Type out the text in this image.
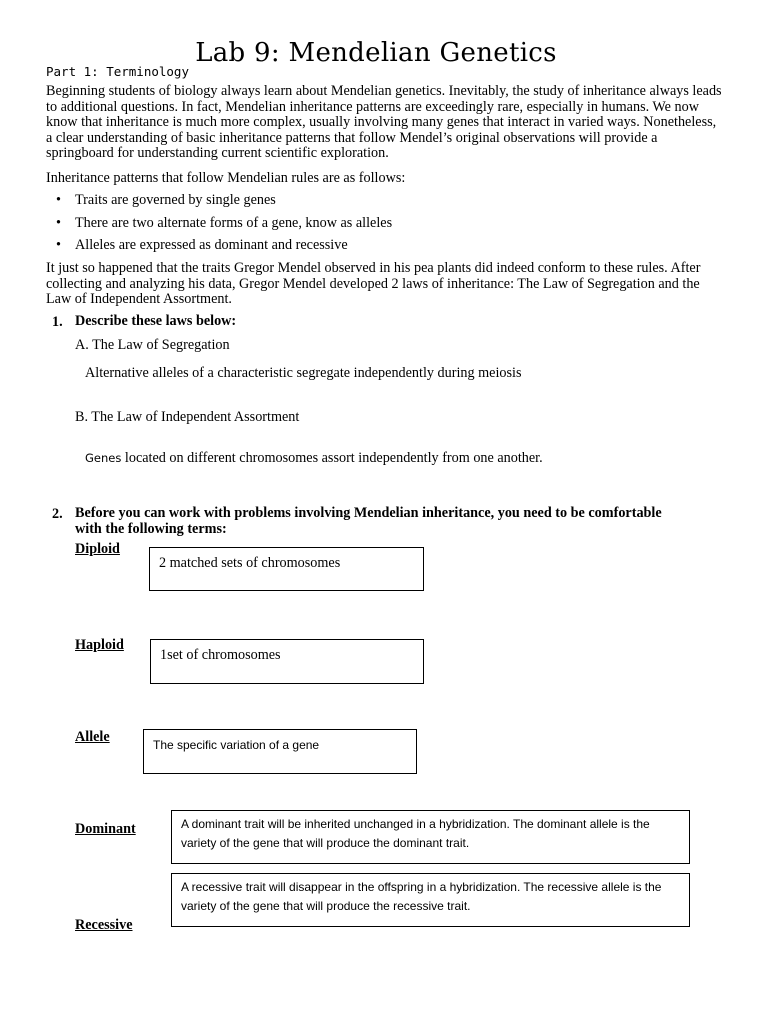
Lab 9: Mendelian Genetics
Part 1: Terminology

Beginning students of biology always learn about Mendelian genetics. Inevitably, the study of inheritance always leads to additional questions. In fact, Mendelian inheritance patterns are exceedingly rare, especially in humans. We now know that inheritance is much more complex, usually involving many genes that interact in varied ways. Nonetheless, a clear understanding of basic inheritance patterns that follow Mendel’s original observations will provide a springboard for understanding current scientific exploration.

Inheritance patterns that follow Mendelian rules are as follows:

• Traits are governed by single genes
• There are two alternate forms of a gene, know as alleles
• Alleles are expressed as dominant and recessive

It just so happened that the traits Gregor Mendel observed in his pea plants did indeed conform to these rules. After collecting and analyzing his data, Gregor Mendel developed 2 laws of inheritance: The Law of Segregation and the Law of Independent Assortment.

1. Describe these laws below:
A. The Law of Segregation
Alternative alleles of a characteristic segregate independently during meiosis
B. The Law of Independent Assortment
Genes located on different chromosomes assort independently from one another.
2. Before you can work with problems involving Mendelian inheritance, you need to be comfortable
with the following terms:
Diploid
2 matched sets of chromosomes
Haploid
1set of chromosomes
Allele	The specific variation of a gene
Dominant	A dominant trait will be inherited unchanged in a hybridization. The dominant allele is the variety of the gene that will produce the dominant trait.
A recessive trait will disappear in the offspring in a hybridization. The recessive allele is the variety of the gene that will produce the recessive trait.
Recessive
